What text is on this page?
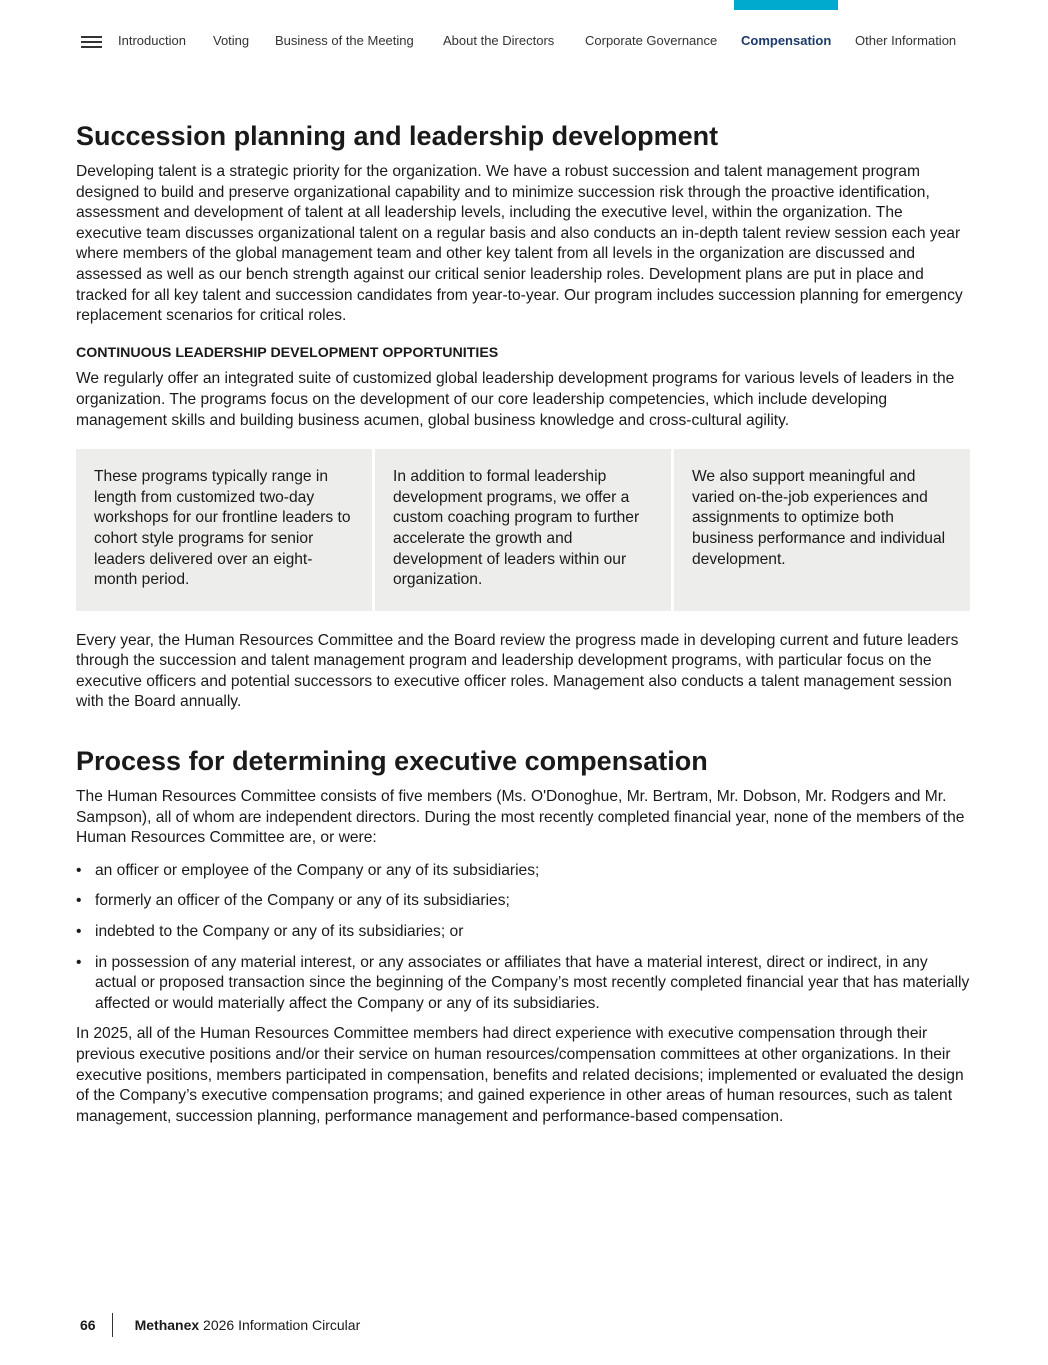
Introduction Voting Business of the Meeting About the Directors Corporate Governance Compensation Other Information
Succession planning and leadership development

Developing talent is a strategic priority for the organization. We have a robust succession and talent management program designed to build and preserve organizational capability and to minimize succession risk through the proactive identification, assessment and development of talent at all leadership levels, including the executive level, within the organization. The executive team discusses organizational talent on a regular basis and also conducts an in-depth talent review session each year where members of the global management team and other key talent from all levels in the organization are discussed and assessed as well as our bench strength against our critical senior leadership roles. Development plans are put in place and tracked for all key talent and succession candidates from year-to-year. Our program includes succession planning for emergency replacement scenarios for critical roles.

CONTINUOUS LEADERSHIP DEVELOPMENT OPPORTUNITIES

We regularly offer an integrated suite of customized global leadership development programs for various levels of leaders in the organization. The programs focus on the development of our core leadership competencies, which include developing management skills and building business acumen, global business knowledge and cross-cultural agility.

These programs typically range in length from customized two-day workshops for our frontline leaders to cohort style programs for senior leaders delivered over an eight-month period.
In addition to formal leadership development programs, we offer a custom coaching program to further accelerate the growth and development of leaders within our organization.
We also support meaningful and varied on-the-job experiences and assignments to optimize both business performance and individual development.

Every year, the Human Resources Committee and the Board review the progress made in developing current and future leaders through the succession and talent management program and leadership development programs, with particular focus on the executive officers and potential successors to executive officer roles. Management also conducts a talent management session with the Board annually.

Process for determining executive compensation

The Human Resources Committee consists of five members (Ms. O'Donoghue, Mr. Bertram, Mr. Dobson, Mr. Rodgers and Mr. Sampson), all of whom are independent directors. During the most recently completed financial year, none of the members of the Human Resources Committee are, or were:

• an officer or employee of the Company or any of its subsidiaries;
• formerly an officer of the Company or any of its subsidiaries;
• indebted to the Company or any of its subsidiaries; or
• in possession of any material interest, or any associates or affiliates that have a material interest, direct or indirect, in any actual or proposed transaction since the beginning of the Company’s most recently completed financial year that has materially affected or would materially affect the Company or any of its subsidiaries.

In 2025, all of the Human Resources Committee members had direct experience with executive compensation through their previous executive positions and/or their service on human resources/compensation committees at other organizations. In their executive positions, members participated in compensation, benefits and related decisions; implemented or evaluated the design of the Company’s executive compensation programs; and gained experience in other areas of human resources, such as talent management, succession planning, performance management and performance-based compensation.

66	Methanex
2026 Information Circular
